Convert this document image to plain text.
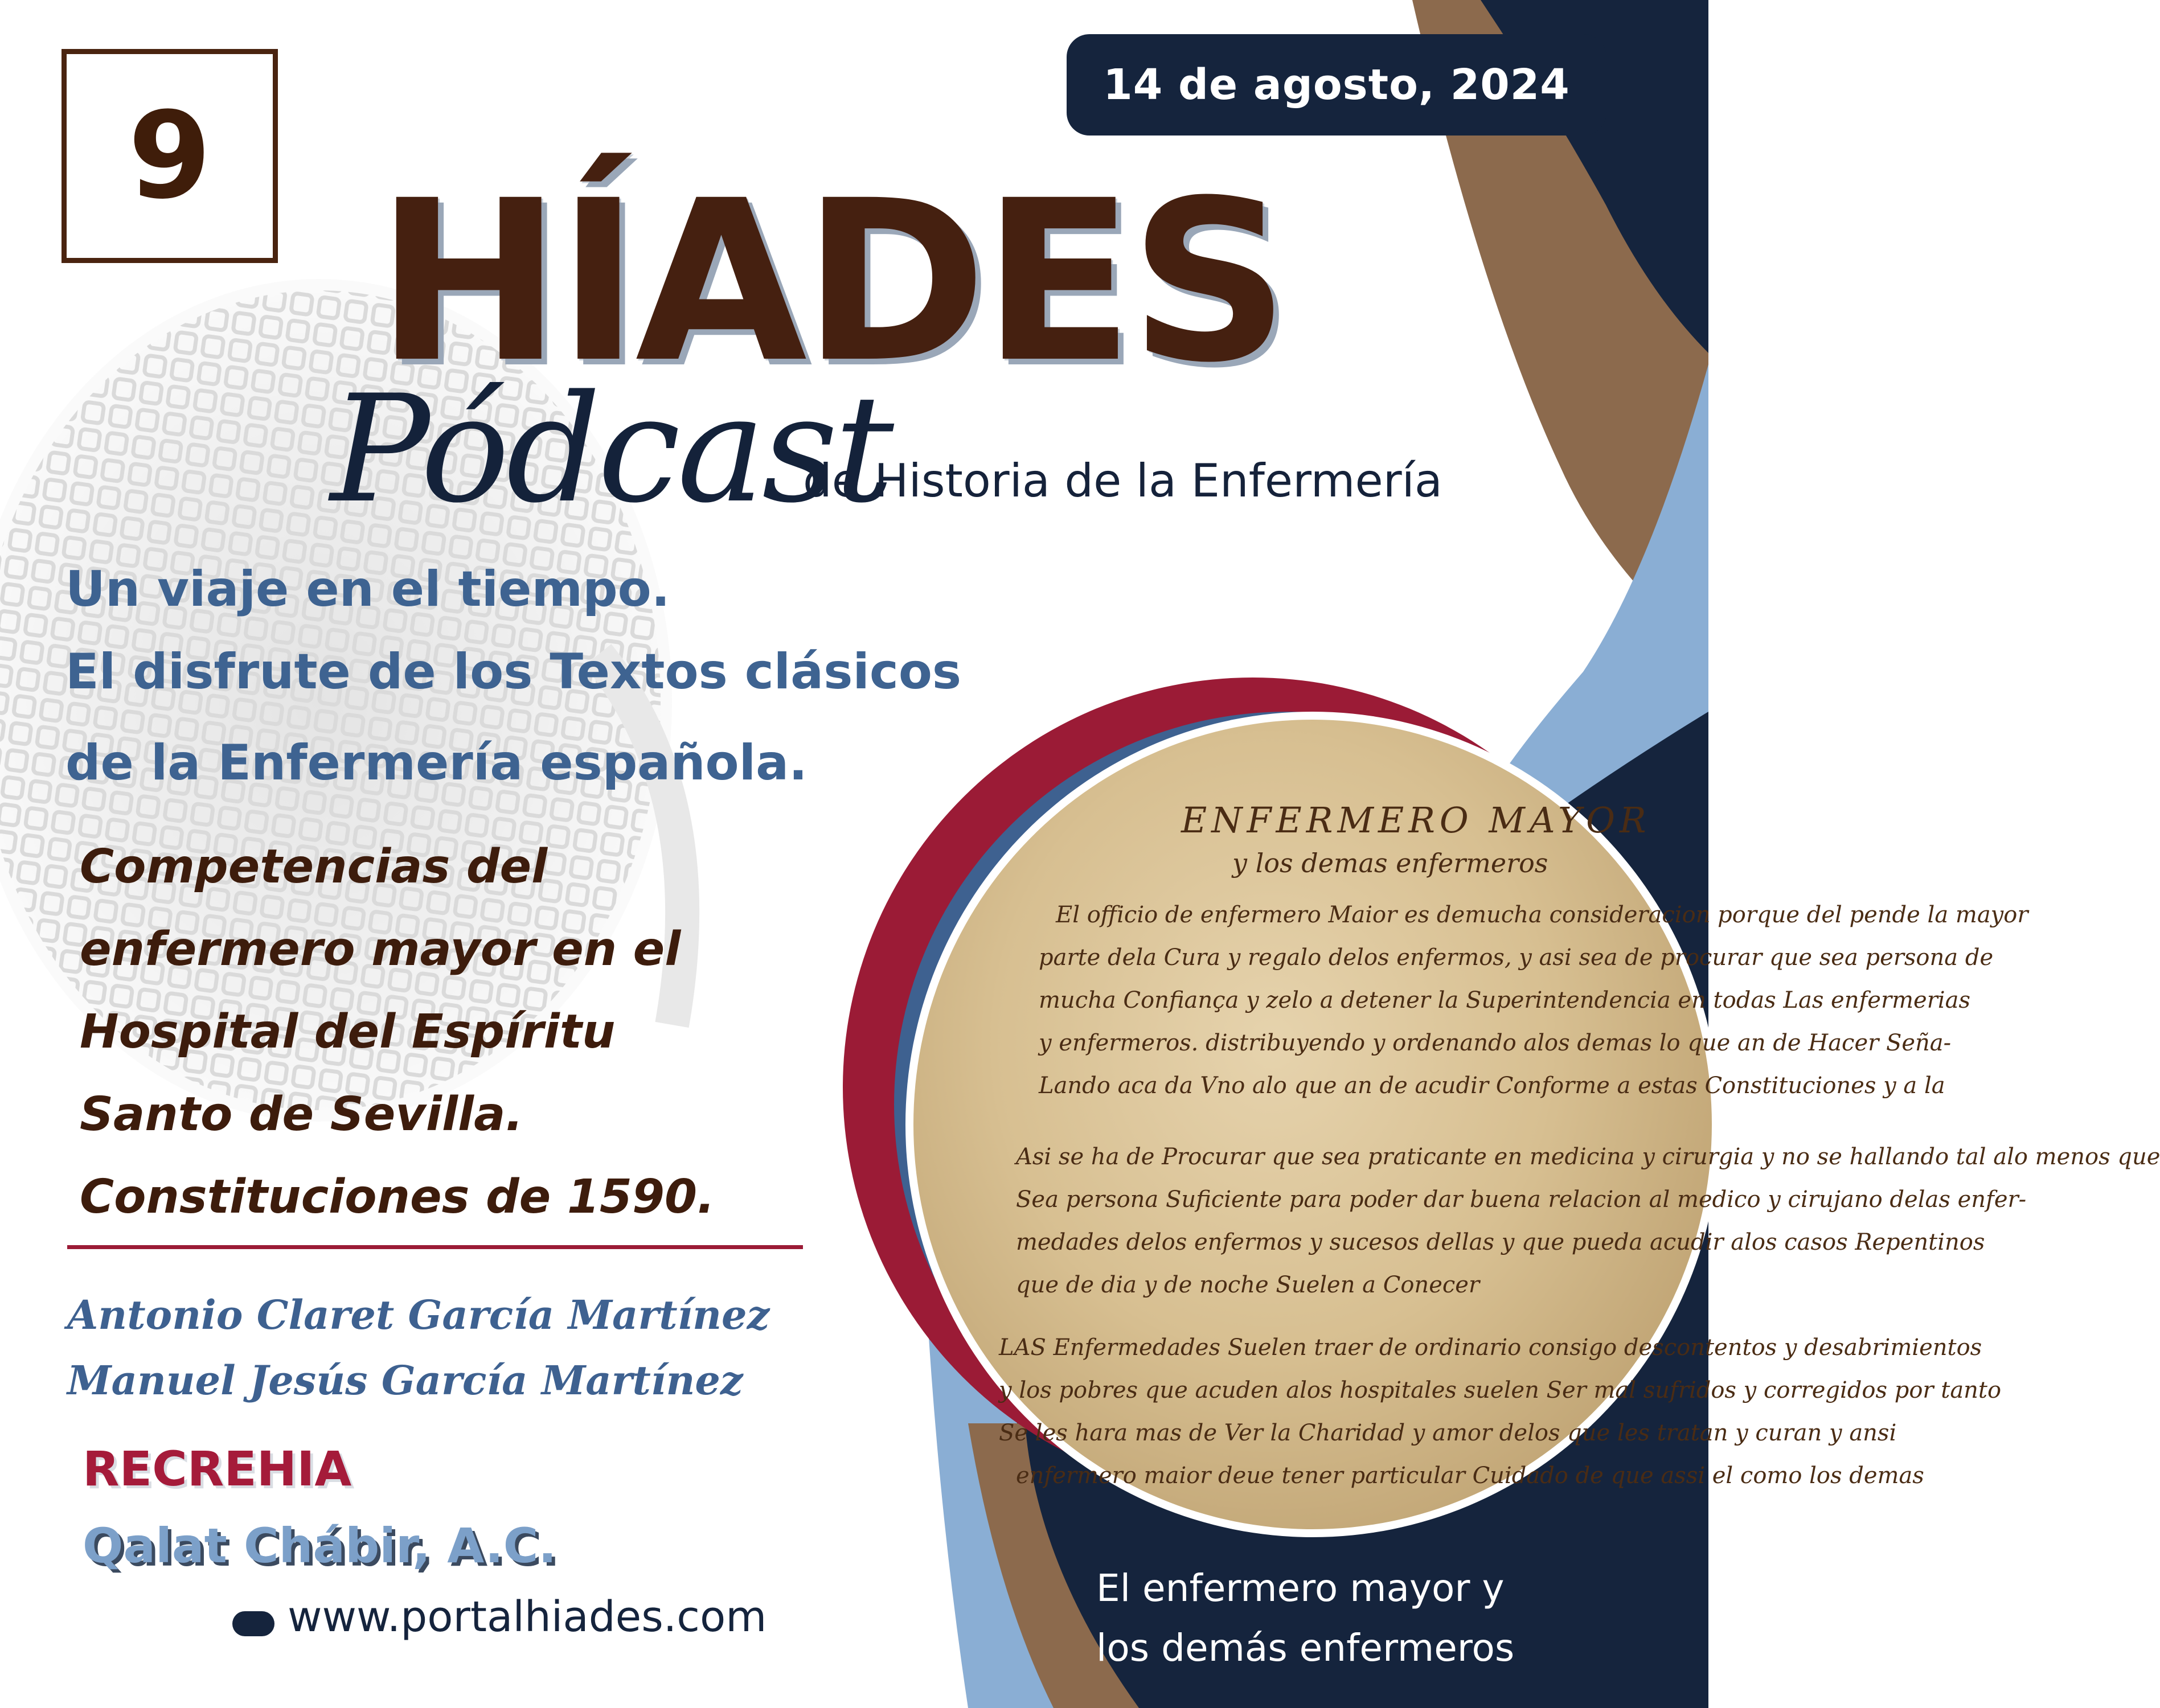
9
14 de agosto, 2024
HÍADES
Pódcast
de Historia de la Enfermería
Un viaje en el tiempo.
El disfrute de los Textos clásicos
de la Enfermería española.
Competencias del
enfermero mayor en el
Hospital del Espíritu
Santo de Sevilla.
Constituciones de 1590.
Antonio Claret García Martínez
Manuel Jesús García Martínez
RECREHIA
Qalat Chábir, A.C.
www.portalhiades.com
ENFERMERO MAYOR
y los demas enfermeros
El officio de enfermero Maior es demucha consideracion porque del pende la mayor
parte dela Cura y regalo delos enfermos, y asi sea de procurar que sea persona de
mucha Confiança y zelo a detener la Superintendencia en todas Las enfermerias
y enfermeros. distribuyendo y ordenando alos demas lo que an de Hacer Seña-
Lando aca da Vno alo que an de acudir Conforme a estas Constituciones y a la
Asi se ha de Procurar que sea praticante en medicina y cirurgia y no se hallando tal alo menos que
Sea persona Suficiente para poder dar buena relacion al medico y cirujano delas enfer-
medades delos enfermos y sucesos dellas y que pueda acudir alos casos Repentinos
que de dia y de noche Suelen a Conecer
LAS Enfermedades Suelen traer de ordinario consigo descontentos y desabrimientos
y los pobres que acuden alos hospitales suelen Ser mal sufridos y corregidos por tanto
Se les hara mas de Ver la Charidad y amor delos que les tratan y curan y ansi
enfermero maior deue tener particular Cuidado de que assi el como los demas
El enfermero mayor y
los demás enfermeros
